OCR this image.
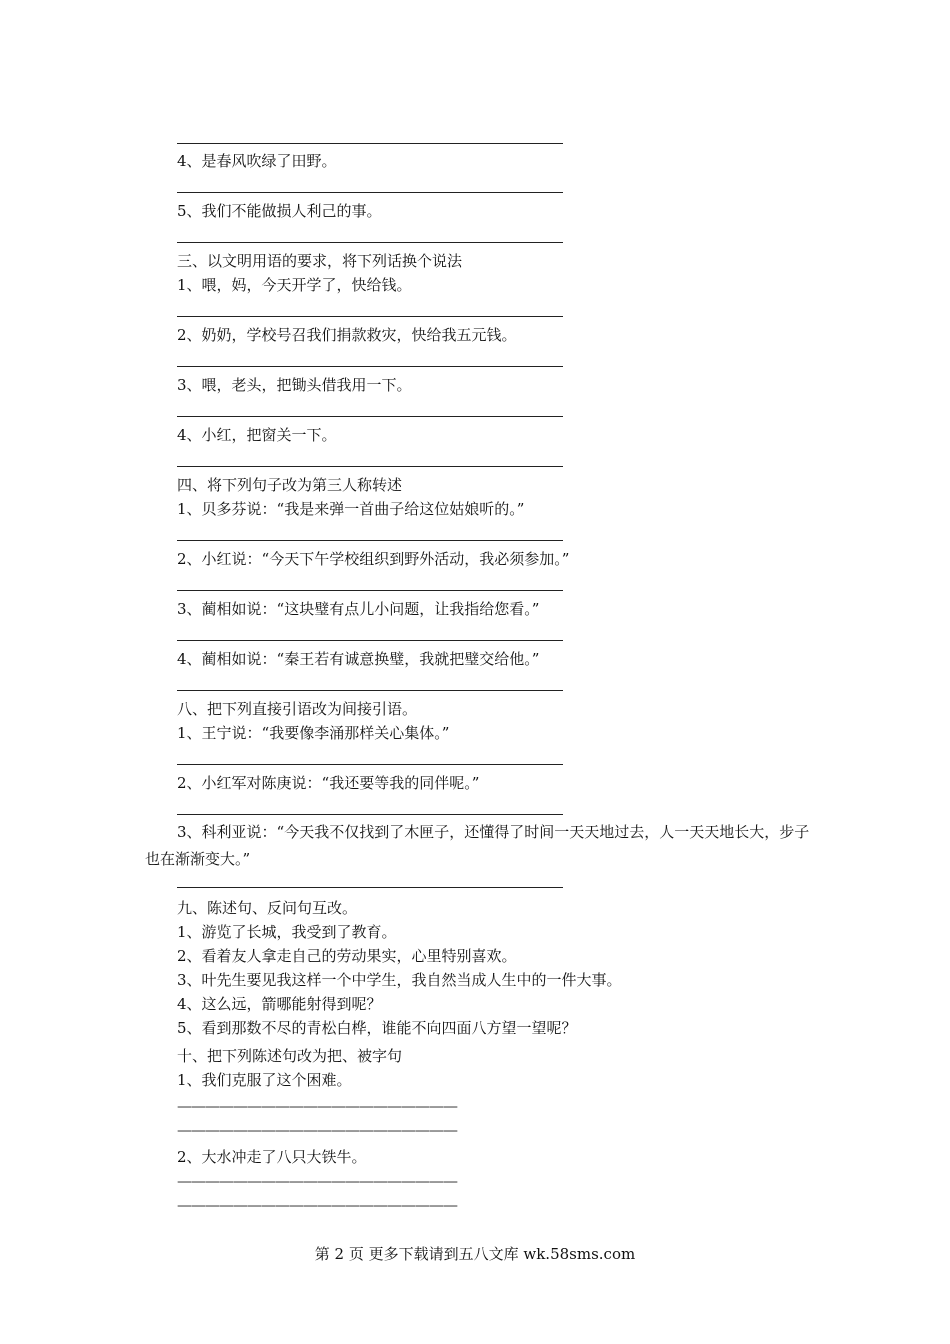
4、是春风吹绿了田野。
5、我们不能做损人利己的事。
三、以文明用语的要求，将下列话换个说法
1、喂，妈，今天开学了，快给钱。
2、奶奶，学校号召我们捐款救灾，快给我五元钱。
3、喂，老头，把锄头借我用一下。
4、小红，把窗关一下。
四、将下列句子改为第三人称转述
1、贝多芬说：“我是来弹一首曲子给这位姑娘听的。”
2、小红说：“今天下午学校组织到野外活动，我必须参加。”
3、蔺相如说：“这块璧有点儿小问题，让我指给您看。”
4、蔺相如说：“秦王若有诚意换璧，我就把璧交给他。”
八、把下列直接引语改为间接引语。
1、王宁说：“我要像李涌那样关心集体。”
2、小红军对陈庚说：“我还要等我的同伴呢。”
3、科利亚说：“今天我不仅找到了木匣子，还懂得了时间一天天地过去，人一天天地长大，步子也在渐渐变大。”
九、陈述句、反问句互改。
1、游览了长城，我受到了教育。
2、看着友人拿走自己的劳动果实，心里特别喜欢。
3、叶先生要见我这样一个中学生，我自然当成人生中的一件大事。
4、这么远，箭哪能射得到呢？
5、看到那数不尽的青松白桦，谁能不向四面八方望一望呢？
十、把下列陈述句改为把、被字句
1、我们克服了这个困难。
————————————————————
————————————————————
2、大水冲走了八只大铁牛。
————————————————————
————————————————————
第 2 页 更多下载请到五八文库 wk.58sms.com
